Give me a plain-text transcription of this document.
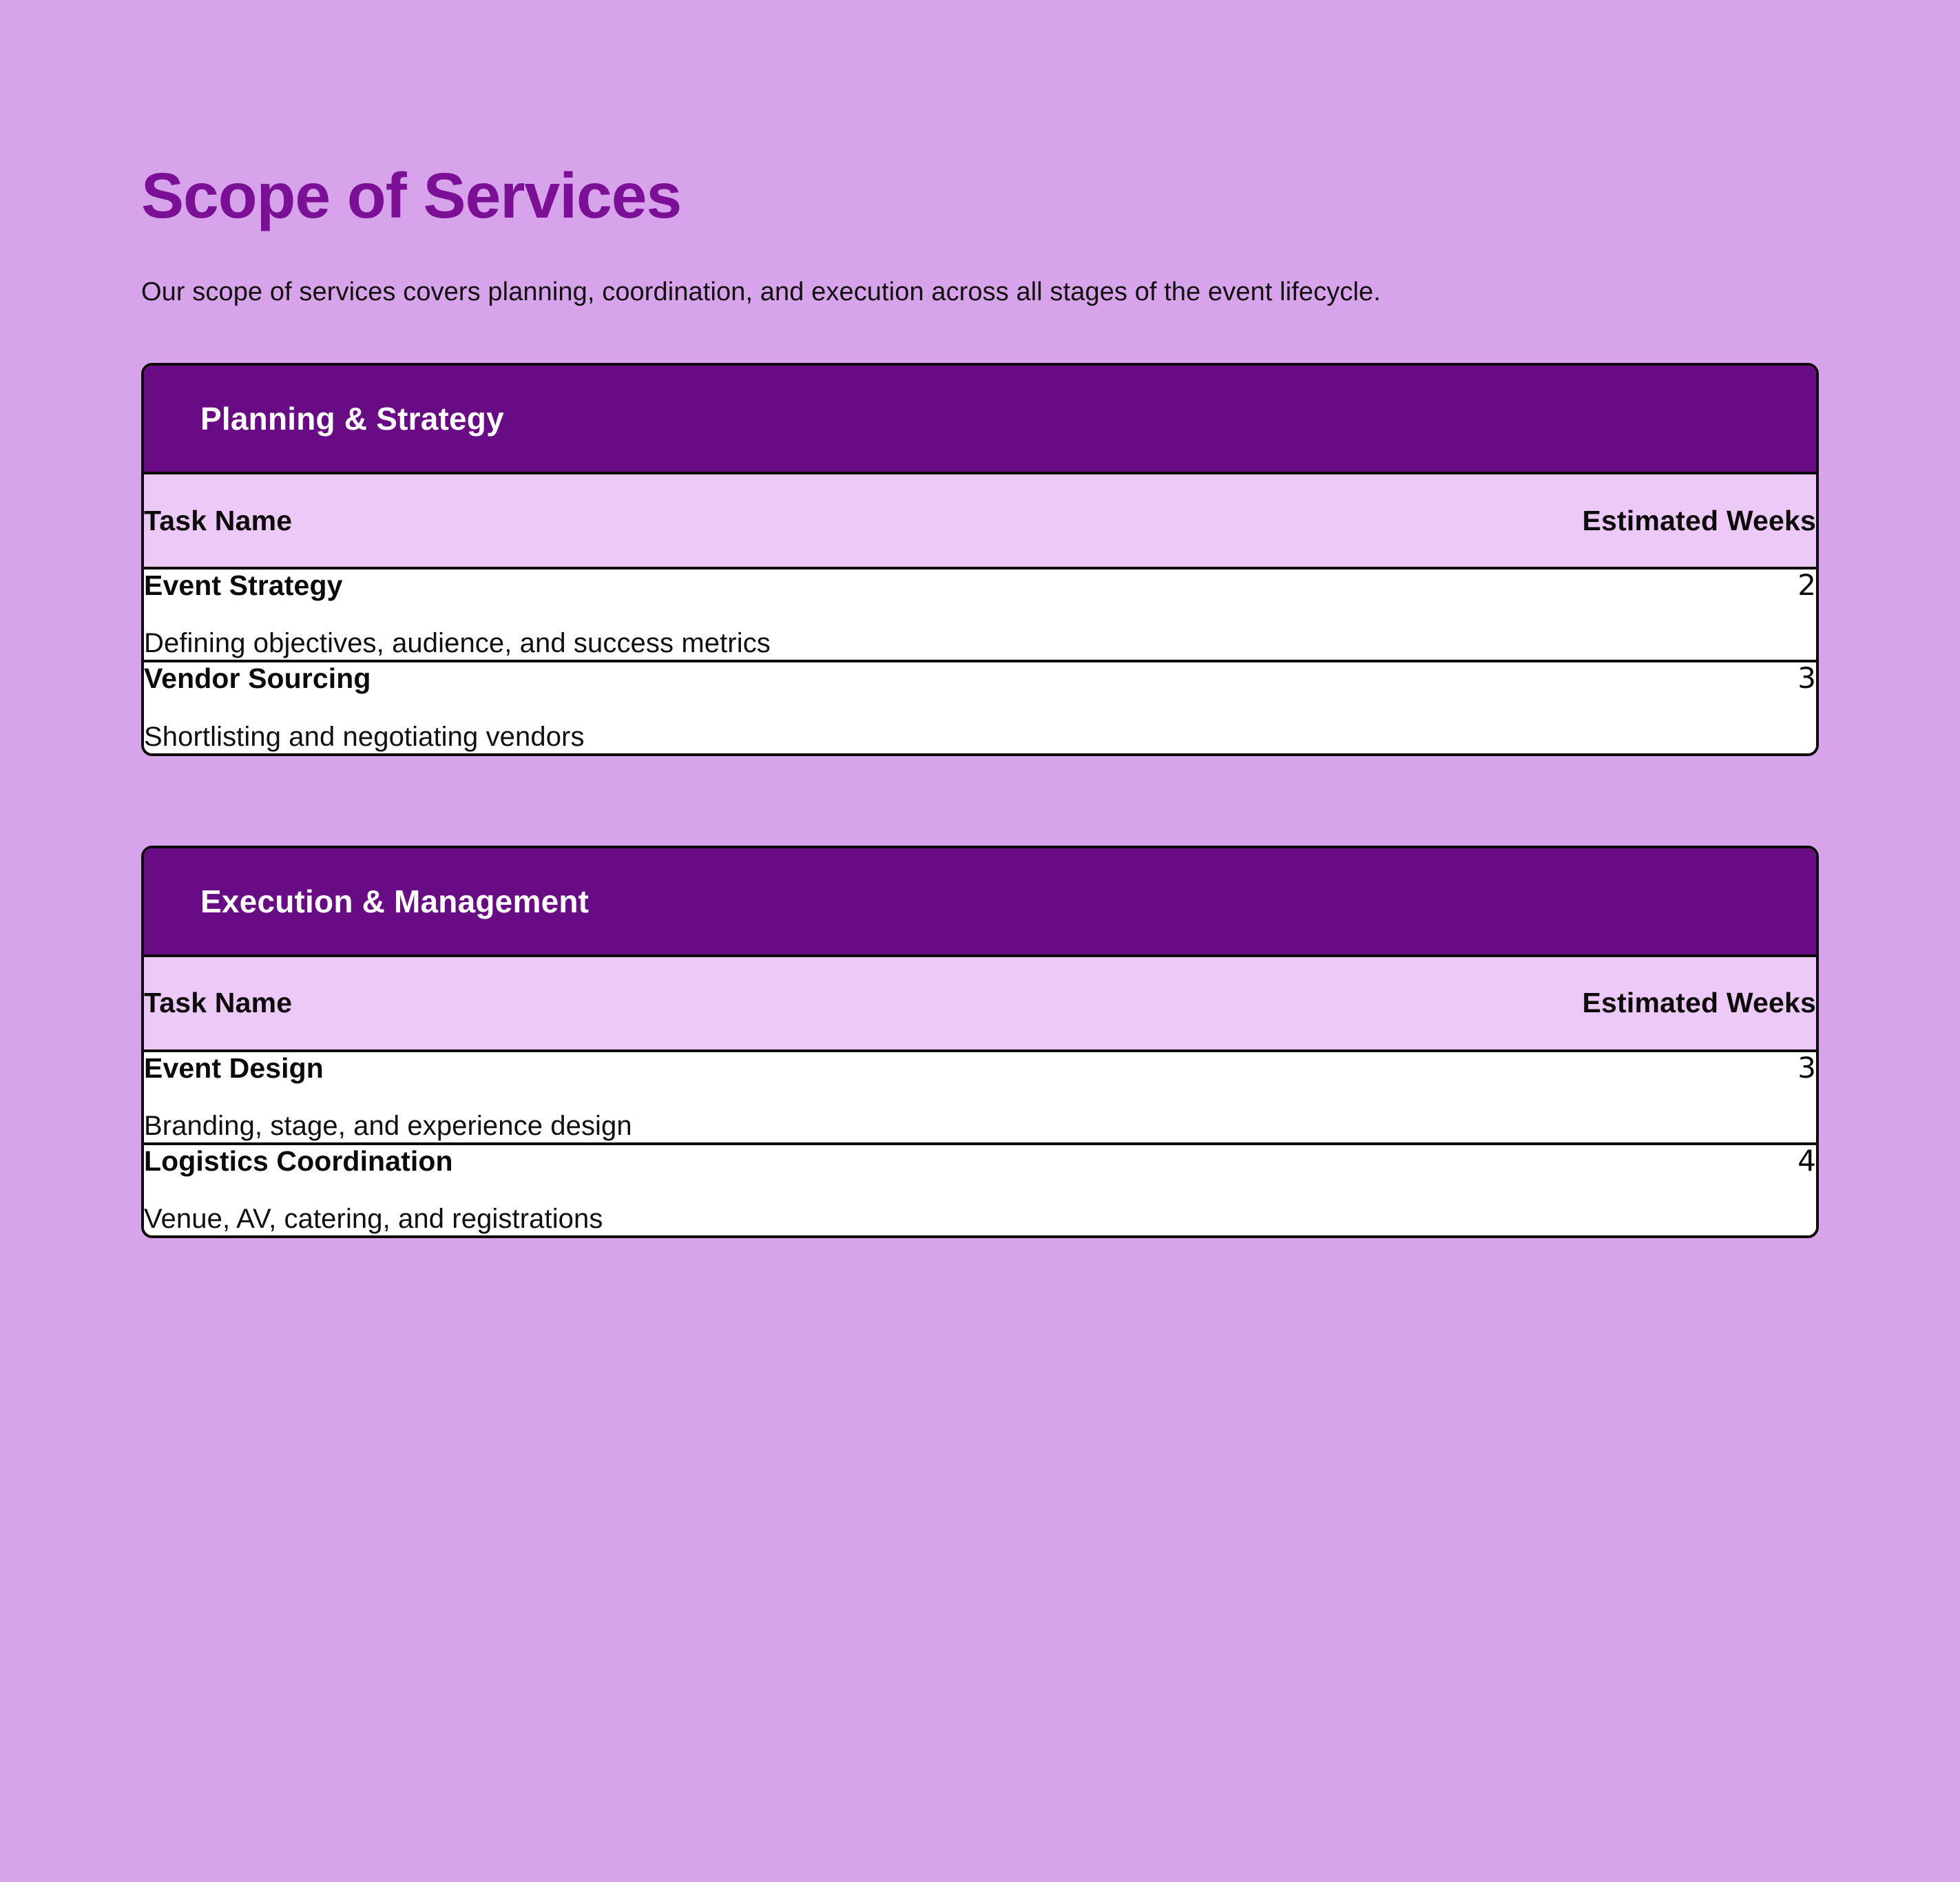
Scope of Services

Our scope of services covers planning, coordination, and execution across all stages of the event lifecycle.

Planning & Strategy
Task Name	Estimated Weeks

Event Strategy
Defining objectives, audience, and success metrics	2

Vendor Sourcing
Shortlisting and negotiating vendors	3
Execution & Management
Task Name	Estimated Weeks

Event Design
Branding, stage, and experience design	3

Logistics Coordination
Venue, AV, catering, and registrations	4
